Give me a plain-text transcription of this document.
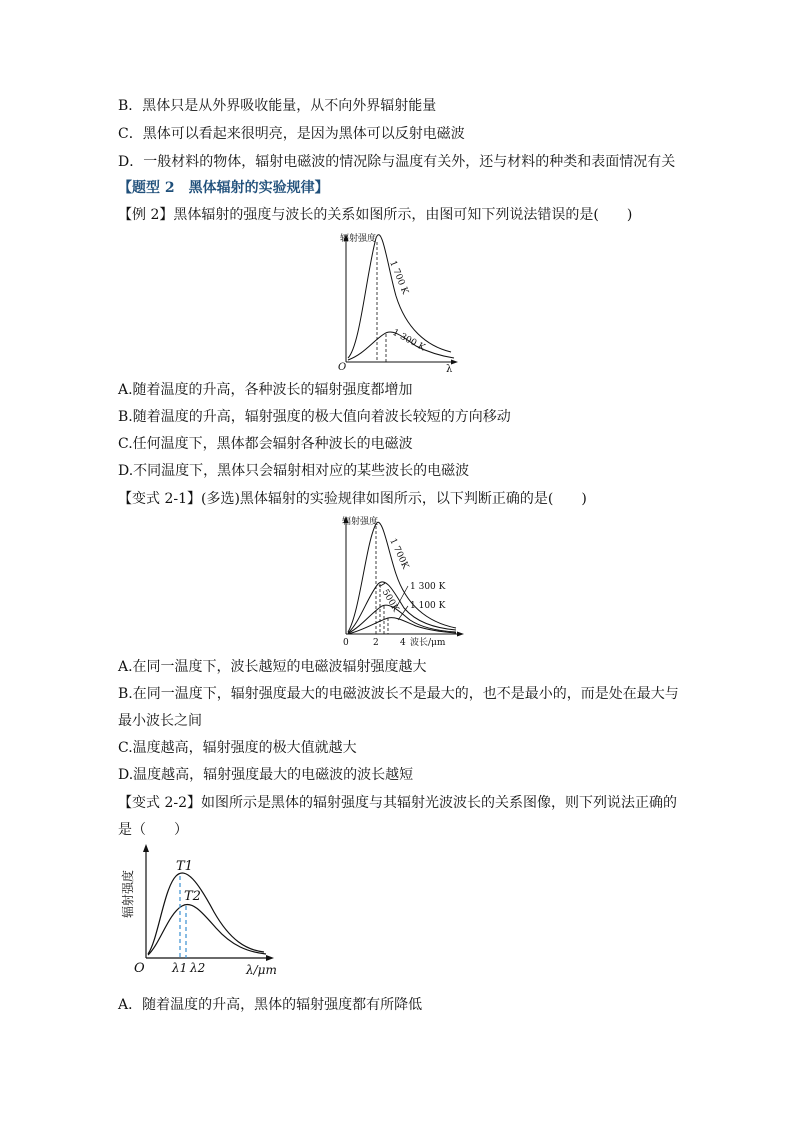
B．黑体只是从外界吸收能量，从不向外界辐射能量
C．黑体可以看起来很明亮，是因为黑体可以反射电磁波
D．一般材料的物体，辐射电磁波的情况除与温度有关外，还与材料的种类和表面情况有关
【题型 2　黑体辐射的实验规律】
【例 2】黑体辐射的强度与波长的关系如图所示，由图可知下列说法错误的是(　　)
辐射强度
O	λ
1 700 K
1 300 K
A.随着温度的升高，各种波长的辐射强度都增加
B.随着温度的升高，辐射强度的极大值向着波长较短的方向移动
C.任何温度下，黑体都会辐射各种波长的电磁波
D.不同温度下，黑体只会辐射相对应的某些波长的电磁波
【变式 2-1】(多选)黑体辐射的实验规律如图所示，以下判断正确的是(　　)
辐射强度
0	2 4 波长/μm
1 700K
1 500K 1 300 K
1 100 K
A.在同一温度下，波长越短的电磁波辐射强度越大
B.在同一温度下，辐射强度最大的电磁波波长不是最大的，也不是最小的，而是处在最大与
最小波长之间
C.温度越高，辐射强度的极大值就越大
D.温度越高，辐射强度最大的电磁波的波长越短
【变式 2-2】如图所示是黑体的辐射强度与其辐射光波波长的关系图像，则下列说法正确的
是（　　）
辐射强度
O
T1
T2
λ1 λ2	λ/μm
A．随着温度的升高，黑体的辐射强度都有所降低
